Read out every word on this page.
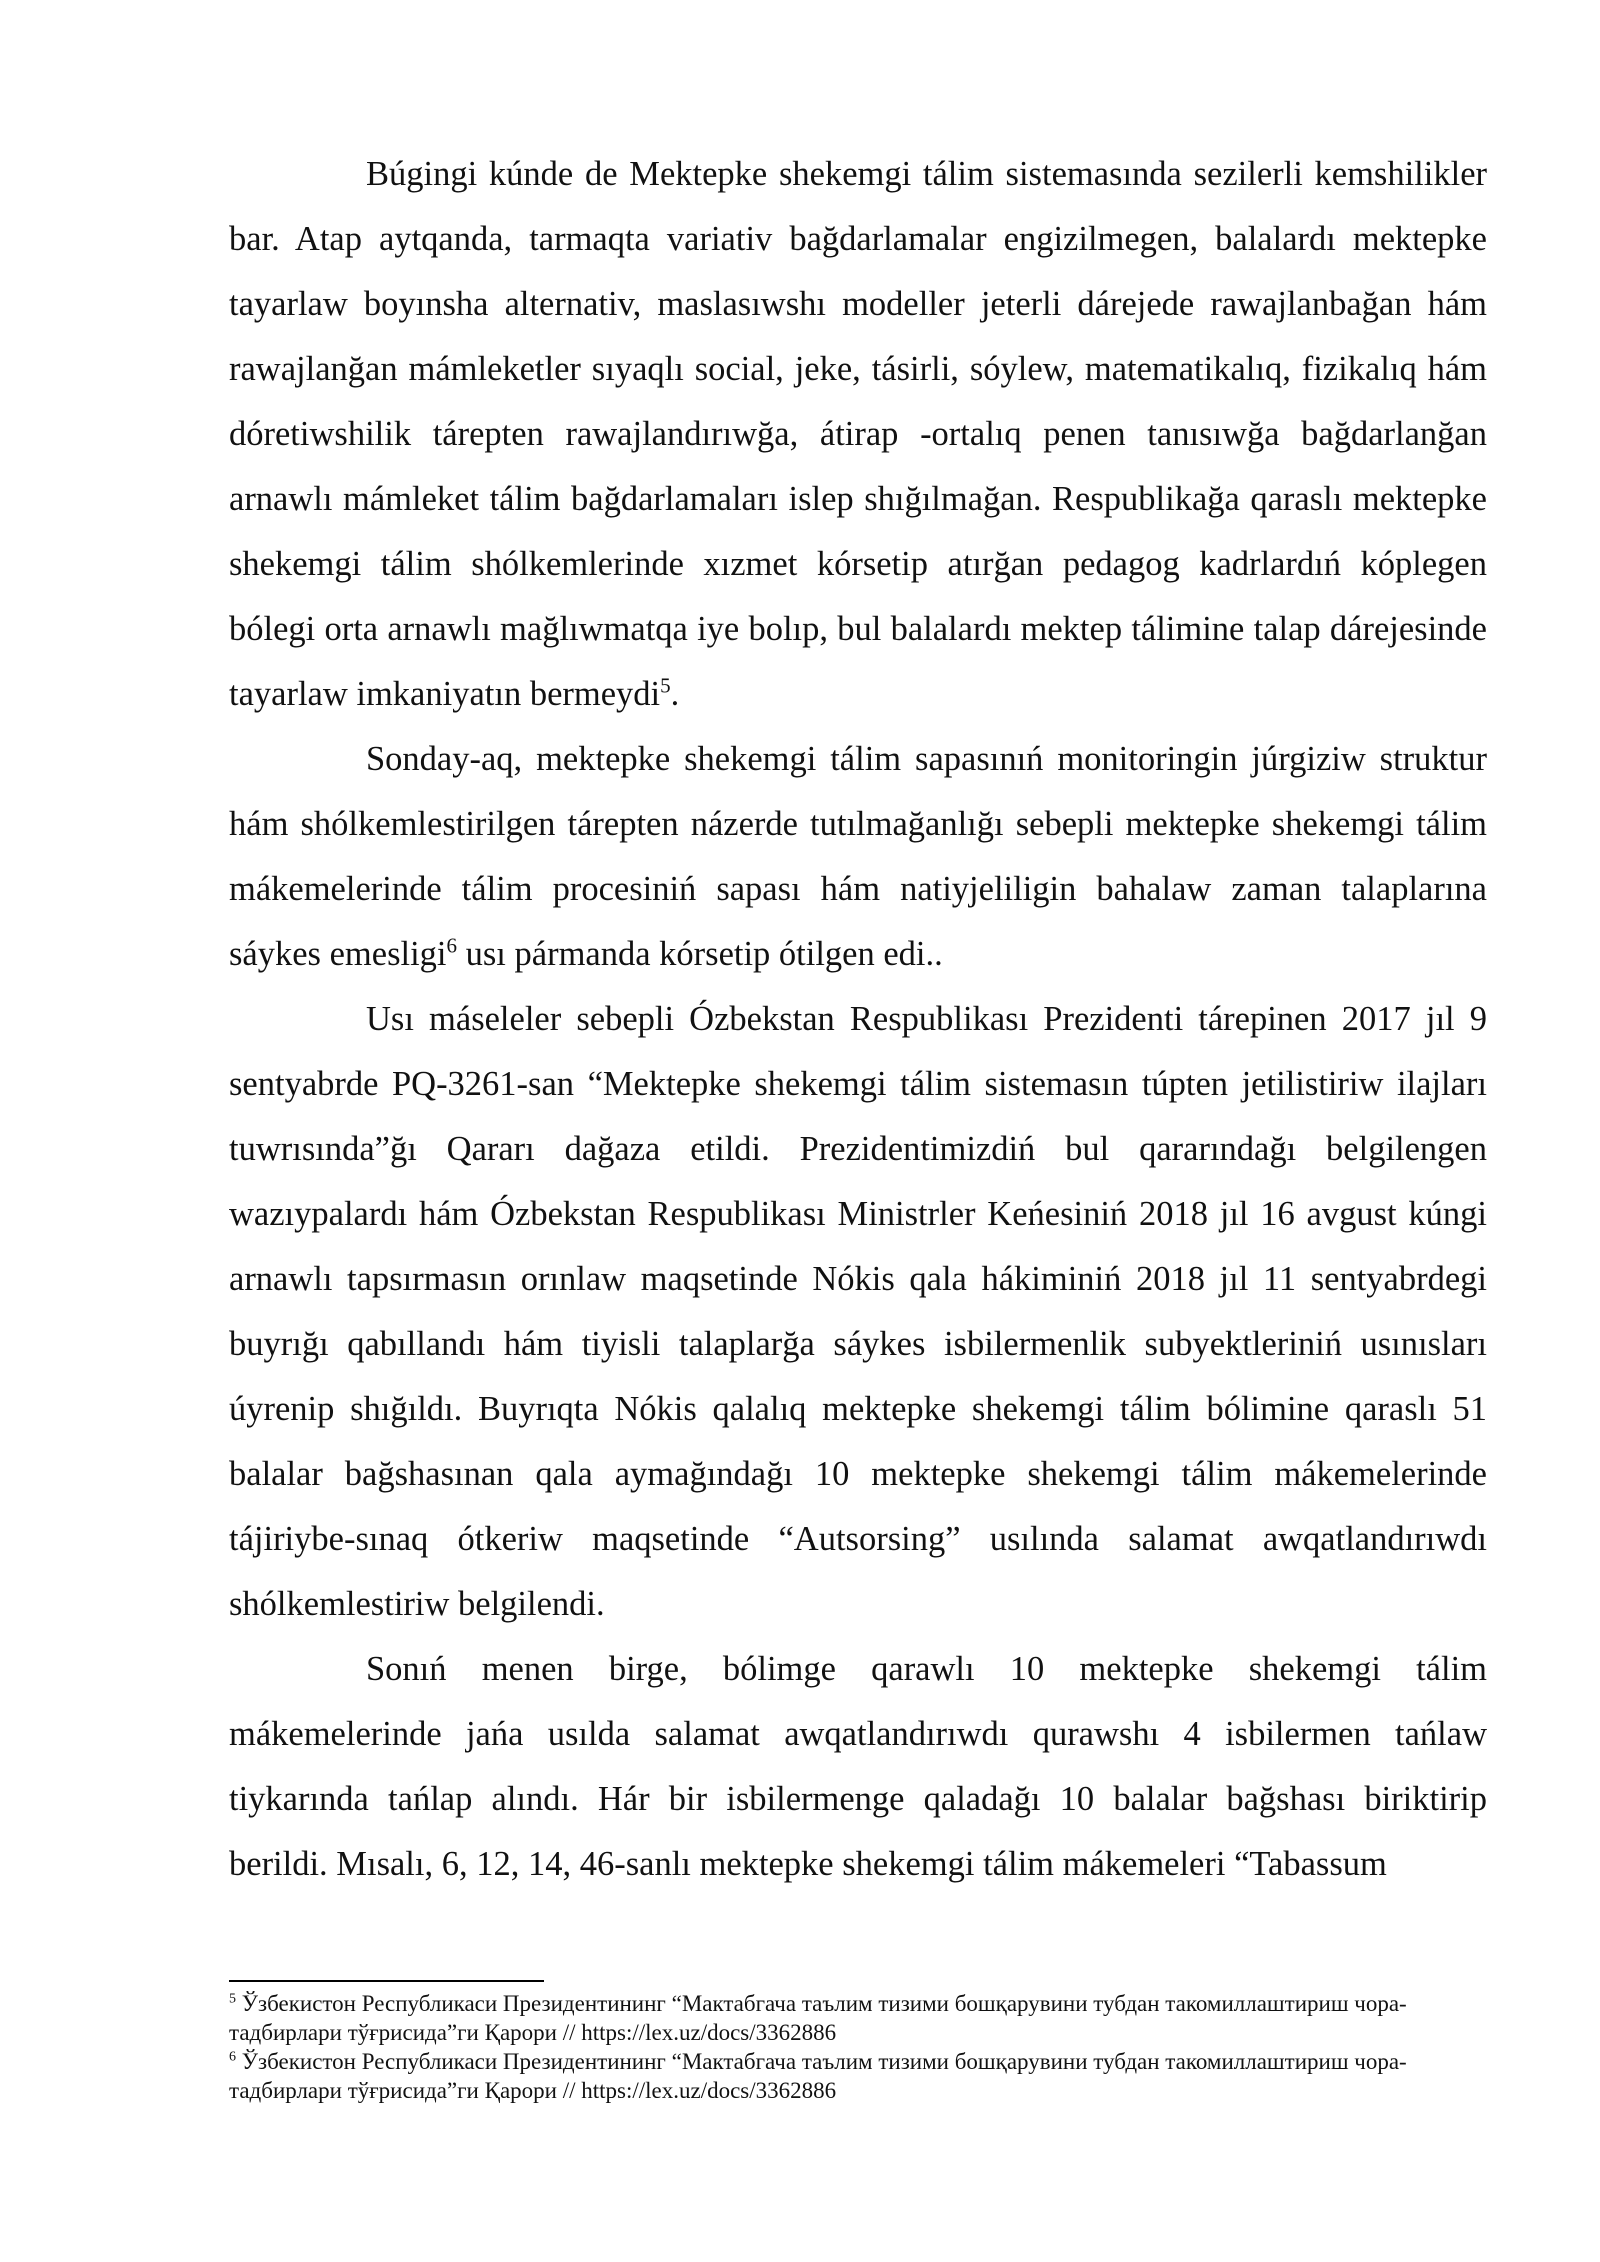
Búgingi kúnde de Mektepke shekemgi tálim sistemasında sezilerli kemshilikler bar. Atap aytqanda, tarmaqta variativ bağdarlamalar engizilmegen, balalardı mektepke tayarlaw boyınsha alternativ, maslasıwshı modeller jeterli dárejede rawajlanbağan hám rawajlanğan mámleketler sıyaqlı social, jeke, tásirli, sóylew, matematikalıq, fizikalıq hám dóretiwshilik tárepten rawajlandırıwğa, átirap -ortalıq penen tanısıwğa bağdarlanğan arnawlı mámleket tálim bağdarlamaları islep shığılmağan. Respublikağa qaraslı mektepke shekemgi tálim shólkemlerinde xızmet kórsetip atırğan pedagog kadrlardıń kóplegen bólegi orta arnawlı mağlıwmatqa iye bolıp, bul balalardı mektep tálimine talap dárejesinde tayarlaw imkaniyatın bermeydi$^5$.

Sonday-aq, mektepke shekemgi tálim sapasınıń monitoringin júrgiziw struktur hám shólkemlestirilgen tárepten názerde tutılmağanlığı sebepli mektepke shekemgi tálim mákemelerinde tálim procesiniń sapası hám natiyjeliligin bahalaw zaman talaplarına sáykes emesligi$^6$ usı pármanda kórsetip ótilgen edi..

Usı máseleler sebepli Ózbekstan Respublikası Prezidenti tárepinen 2017 jıl 9 sentyabrde PQ-3261-san “Mektepke shekemgi tálim sistemasın túpten jetilistiriw ilajları tuwrısında”ğı Qararı dağaza etildi. Prezidentimizdiń bul qararındağı belgilengen wazıypalardı hám Ózbekstan Respublikası Ministrler Keńesiniń 2018 jıl 16 avgust kúngi arnawlı tapsırmasın orınlaw maqsetinde Nókis qala hákiminiń 2018 jıl 11 sentyabrdegi buyrığı qabıllandı hám tiyisli talaplarğa sáykes isbilermenlik subyektleriniń usınısları úyrenip shığıldı. Buyrıqta Nókis qalalıq mektepke shekemgi tálim bólimine qaraslı 51 balalar bağshasınan qala aymağındağı 10 mektepke shekemgi tálim mákemelerinde tájiriybe-sınaq ótkeriw maqsetinde “Autsorsing” usılında salamat awqatlandırıwdı shólkemlestiriw belgilendi.

Sonıń menen birge, bólimge qarawlı 10 mektepke shekemgi tálim mákemelerinde jańa usılda salamat awqatlandırıwdı qurawshı 4 isbilermen tańlaw tiykarında tańlap alındı. Hár bir isbilermenge qaladağı 10 balalar bağshası biriktirip berildi. Mısalı, 6, 12, 14, 46-sanlı mektepke shekemgi tálim mákemeleri “Tabassum

$^5$ Ўзбекистон Республикаси Президентининг “Мактабгача таълим тизими бошқарувини тубдан такомиллаштириш чора-тадбирлари тўғрисида”ги Қарори // https://lex.uz/docs/3362886

$^6$ Ўзбекистон Республикаси Президентининг “Мактабгача таълим тизими бошқарувини тубдан такомиллаштириш чора-тадбирлари тўғрисида”ги Қарори // https://lex.uz/docs/3362886
